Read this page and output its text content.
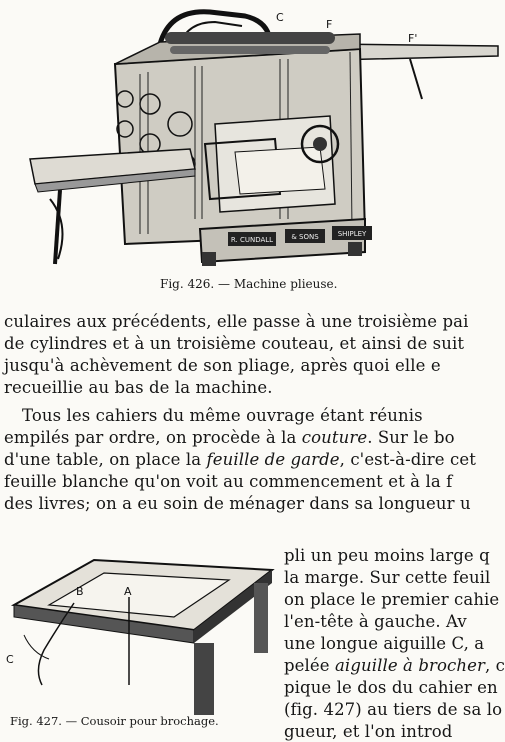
R. CUNDALL	& SONS	SHIPLEY
C
F
F'
Fig. 426. — Machine plieuse.
culaires aux précédents, elle passe à une troisième pai
de cylindres et à un troisième couteau, et ainsi de suit
jusqu'à achèvement de son pliage, après quoi elle e
recueillie au bas de la machine.
Tous les cahiers du même ouvrage étant réunis
empilés par ordre, on procède à la couture. Sur le bo
d'une table, on place la feuille de garde, c'est-à-dire cet
feuille blanche qu'on voit au commencement et à la f
des livres; on a eu soin de ménager dans sa longueur u
pli un peu moins large q
la marge. Sur cette feuil
on place le premier cahie
l'en-tête à gauche. Av
une longue aiguille C, a
pelée aiguille à brocher, c
pique le dos du cahier en
(fig. 427) au tiers de sa lo
gueur, et l'on introd
B	A
C
Fig. 427. — Cousoir pour brochage.
